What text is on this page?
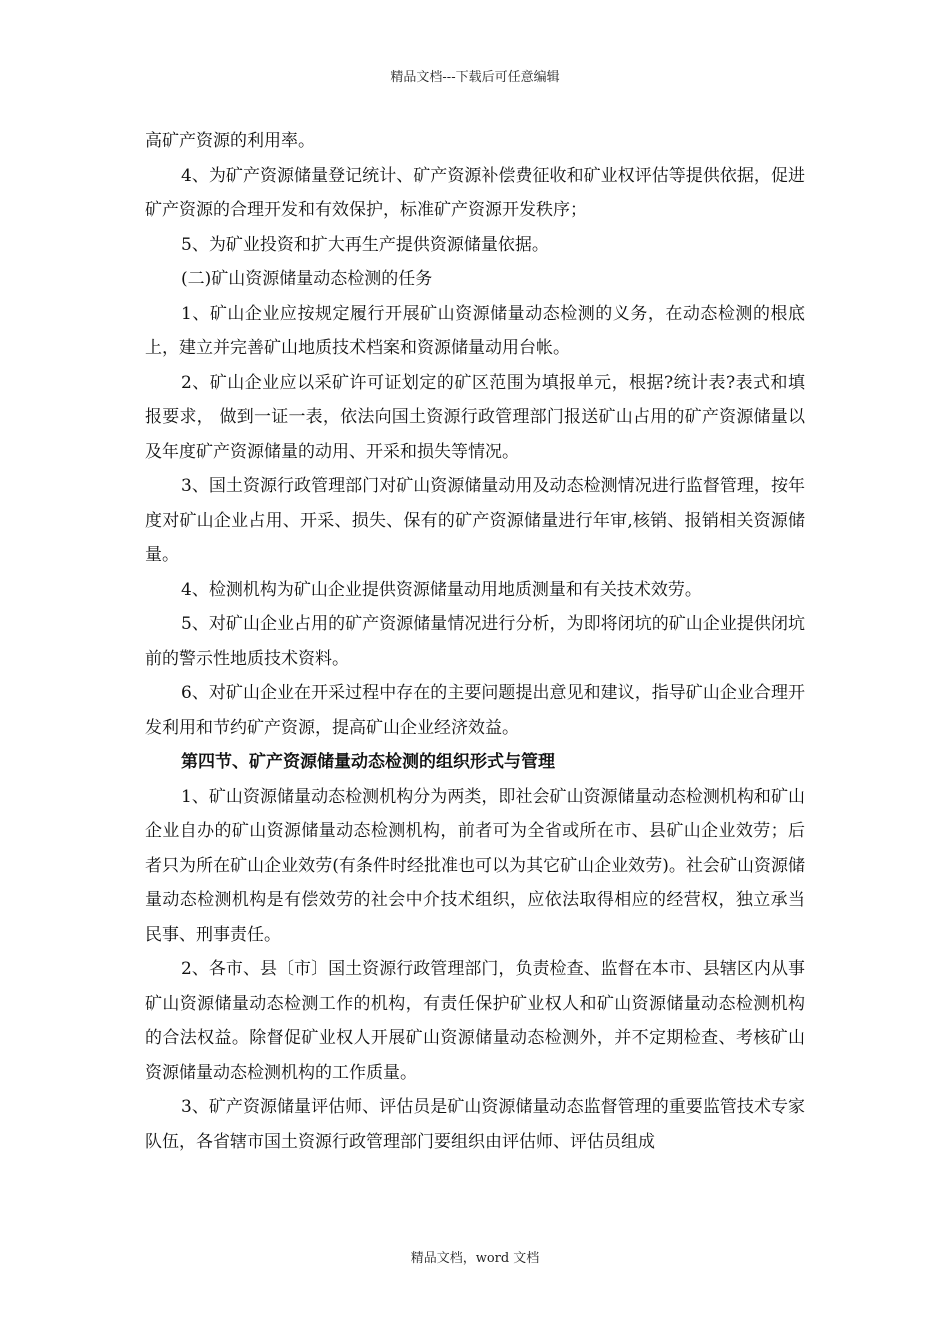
精品文档---下载后可任意编辑

高矿产资源的利用率。

4、为矿产资源储量登记统计、矿产资源补偿费征收和矿业权评估等提供依据，促进矿产资源的合理开发和有效保护，标准矿产资源开发秩序；

5、为矿业投资和扩大再生产提供资源储量依据。

(二)矿山资源储量动态检测的任务

1、矿山企业应按规定履行开展矿山资源储量动态检测的义务，在动态检测的根底上，建立并完善矿山地质技术档案和资源储量动用台帐。

2、矿山企业应以采矿许可证划定的矿区范围为填报单元，根据?统计表?表式和填报要求， 做到一证一表，依法向国土资源行政管理部门报送矿山占用的矿产资源储量以及年度矿产资源储量的动用、开采和损失等情况。

3、国土资源行政管理部门对矿山资源储量动用及动态检测情况进行监督管理，按年度对矿山企业占用、开采、损失、保有的矿产资源储量进行年审,核销、报销相关资源储量。

4、检测机构为矿山企业提供资源储量动用地质测量和有关技术效劳。

5、对矿山企业占用的矿产资源储量情况进行分析，为即将闭坑的矿山企业提供闭坑前的警示性地质技术资料。

6、对矿山企业在开采过程中存在的主要问题提出意见和建议，指导矿山企业合理开发利用和节约矿产资源，提高矿山企业经济效益。

第四节、矿产资源储量动态检测的组织形式与管理

1、矿山资源储量动态检测机构分为两类，即社会矿山资源储量动态检测机构和矿山企业自办的矿山资源储量动态检测机构，前者可为全省或所在市、县矿山企业效劳；后者只为所在矿山企业效劳(有条件时经批准也可以为其它矿山企业效劳)。社会矿山资源储量动态检测机构是有偿效劳的社会中介技术组织，应依法取得相应的经营权，独立承当民事、刑事责任。

2、各市、县〔市〕国土资源行政管理部门，负责检查、监督在本市、县辖区内从事矿山资源储量动态检测工作的机构，有责任保护矿业权人和矿山资源储量动态检测机构的合法权益。除督促矿业权人开展矿山资源储量动态检测外，并不定期检查、考核矿山资源储量动态检测机构的工作质量。

3、矿产资源储量评估师、评估员是矿山资源储量动态监督管理的重要监管技术专家队伍，各省辖市国土资源行政管理部门要组织由评估师、评估员组成

精品文档，word 文档
